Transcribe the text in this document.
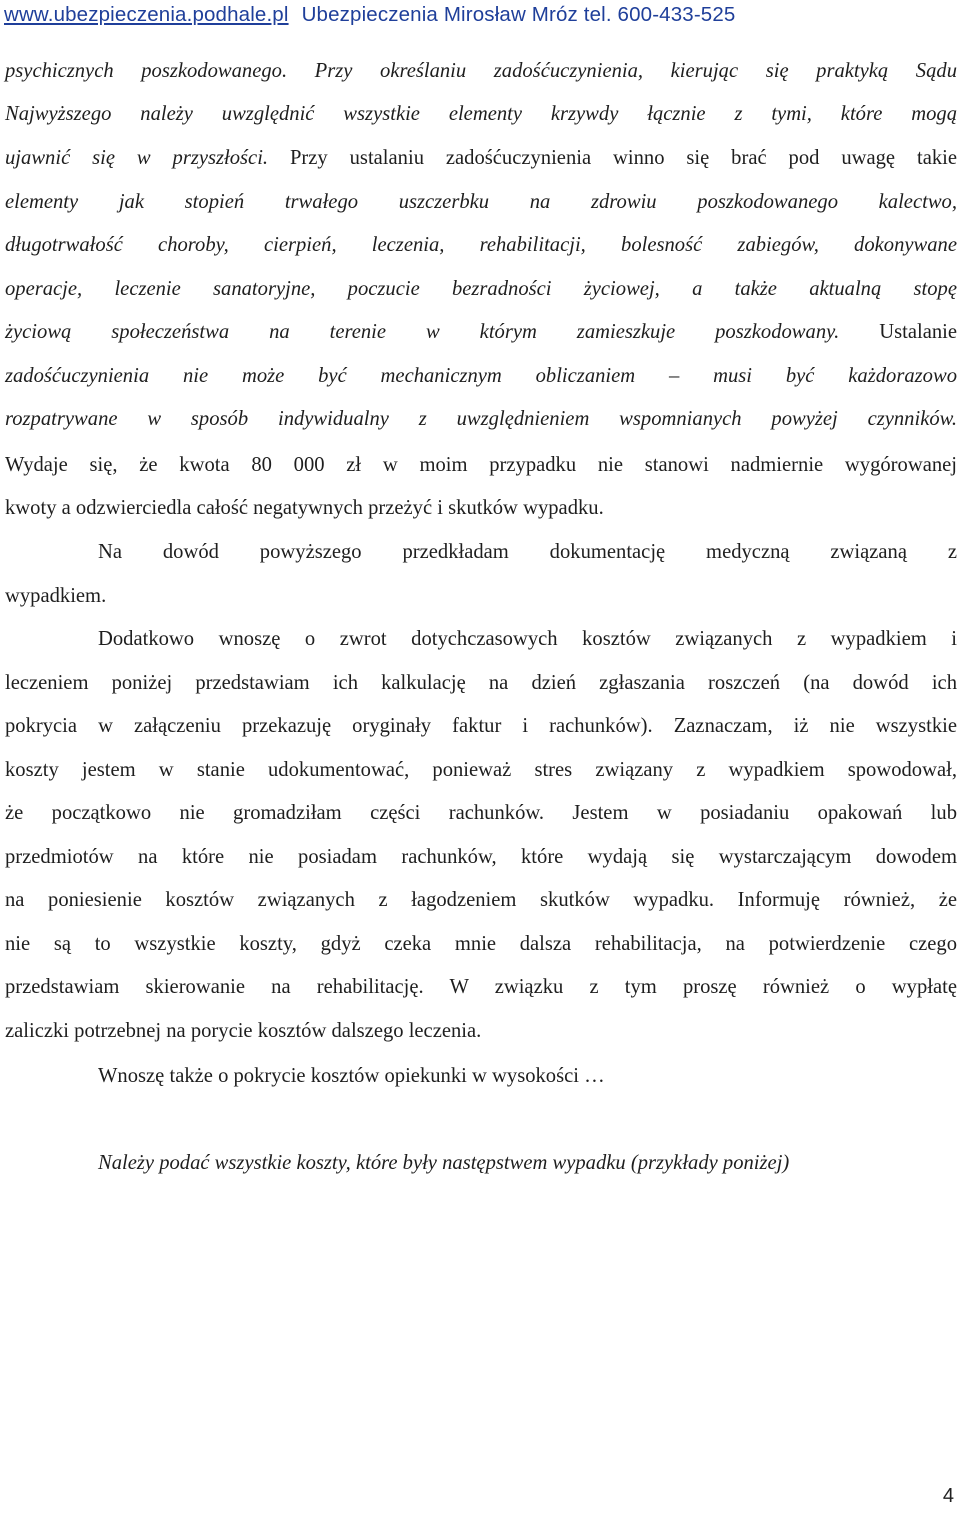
www.ubezpieczenia.podhale.pl Ubezpieczenia Mirosław Mróz tel. 600-433-525
psychicznych poszkodowanego. Przy określaniu zadośćuczynienia, kierując się praktyką Sądu
Najwyższego należy uwzględnić wszystkie elementy krzywdy łącznie z tymi, które mogą
ujawnić się w przyszłości. Przy ustalaniu zadośćuczynienia winno się brać pod uwagę takie
elementy jak stopień trwałego uszczerbku na zdrowiu poszkodowanego kalectwo,
długotrwałość choroby, cierpień, leczenia, rehabilitacji, bolesność zabiegów, dokonywane
operacje, leczenie sanatoryjne, poczucie bezradności życiowej, a także aktualną stopę
życiową społeczeństwa na terenie w którym zamieszkuje poszkodowany. Ustalanie
zadośćuczynienia nie może być mechanicznym obliczaniem – musi być każdorazowo
rozpatrywane w sposób indywidualny z uwzględnieniem wspomnianych powyżej czynników.
Wydaje się, że kwota 80 000 zł w moim przypadku nie stanowi nadmiernie wygórowanej
kwoty a odzwierciedla całość negatywnych przeżyć i skutków wypadku.
Na dowód powyższego przedkładam dokumentację medyczną związaną z
wypadkiem.
Dodatkowo wnoszę o zwrot dotychczasowych kosztów związanych z wypadkiem i
leczeniem poniżej przedstawiam ich kalkulację na dzień zgłaszania roszczeń (na dowód ich
pokrycia w załączeniu przekazuję oryginały faktur i rachunków). Zaznaczam, iż nie wszystkie
koszty jestem w stanie udokumentować, ponieważ stres związany z wypadkiem spowodował,
że początkowo nie gromadziłam części rachunków. Jestem w posiadaniu opakowań lub
przedmiotów na które nie posiadam rachunków, które wydają się wystarczającym dowodem
na poniesienie kosztów związanych z łagodzeniem skutków wypadku. Informuję również, że
nie są to wszystkie koszty, gdyż czeka mnie dalsza rehabilitacja, na potwierdzenie czego
przedstawiam skierowanie na rehabilitację. W związku z tym proszę również o wypłatę
zaliczki potrzebnej na porycie kosztów dalszego leczenia.
Wnoszę także o pokrycie kosztów opiekunki w wysokości …
Należy podać wszystkie koszty, które były następstwem wypadku (przykłady poniżej)
4
